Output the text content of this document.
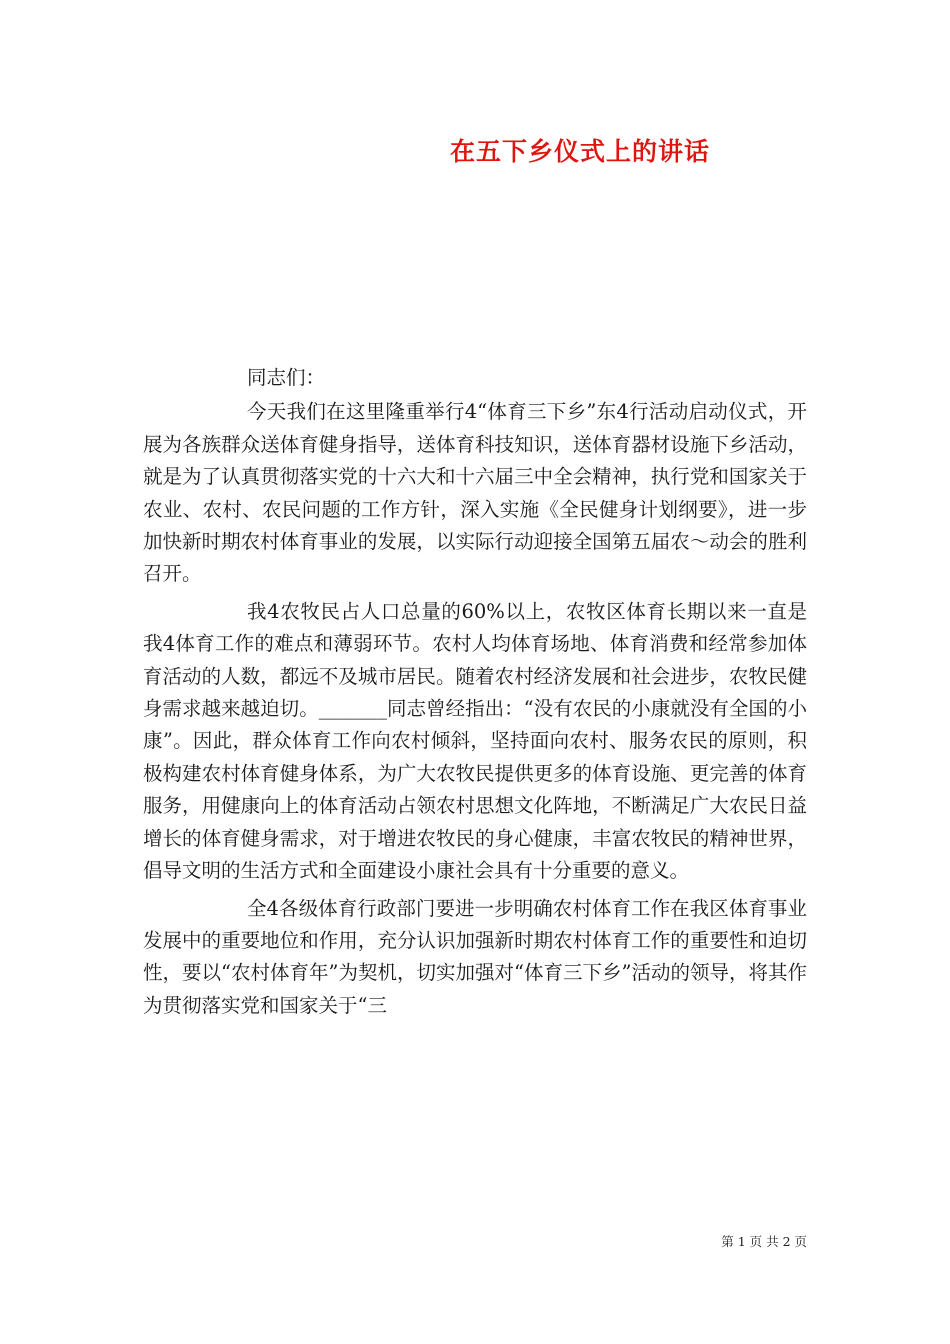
在五下乡仪式上的讲话

同志们：

今天我们在这里隆重举行4“体育三下乡”东4行活动启动仪式，开展为各族群众送体育健身指导，送体育科技知识，送体育器材设施下乡活动，就是为了认真贯彻落实党的十六大和十六届三中全会精神，执行党和国家关于农业、农村、农民问题的工作方针，深入实施《全民健身计划纲要》，进一步加快新时期农村体育事业的发展，以实际行动迎接全国第五届农～动会的胜利召开。

我4农牧民占人口总量的60%以上，农牧区体育长期以来一直是我4体育工作的难点和薄弱环节。农村人均体育场地、体育消费和经常参加体育活动的人数，都远不及城市居民。随着农村经济发展和社会进步，农牧民健身需求越来越迫切。_______同志曾经指出：“没有农民的小康就没有全国的小康”。因此，群众体育工作向农村倾斜，坚持面向农村、服务农民的原则，积极构建农村体育健身体系，为广大农牧民提供更多的体育设施、更完善的体育服务，用健康向上的体育活动占领农村思想文化阵地，不断满足广大农民日益增长的体育健身需求，对于增进农牧民的身心健康，丰富农牧民的精神世界，倡导文明的生活方式和全面建设小康社会具有十分重要的意义。

全4各级体育行政部门要进一步明确农村体育工作在我区体育事业发展中的重要地位和作用，充分认识加强新时期农村体育工作的重要性和迫切性，要以“农村体育年”为契机，切实加强对“体育三下乡”活动的领导，将其作为贯彻落实党和国家关于“三

第 1 页 共 2 页
